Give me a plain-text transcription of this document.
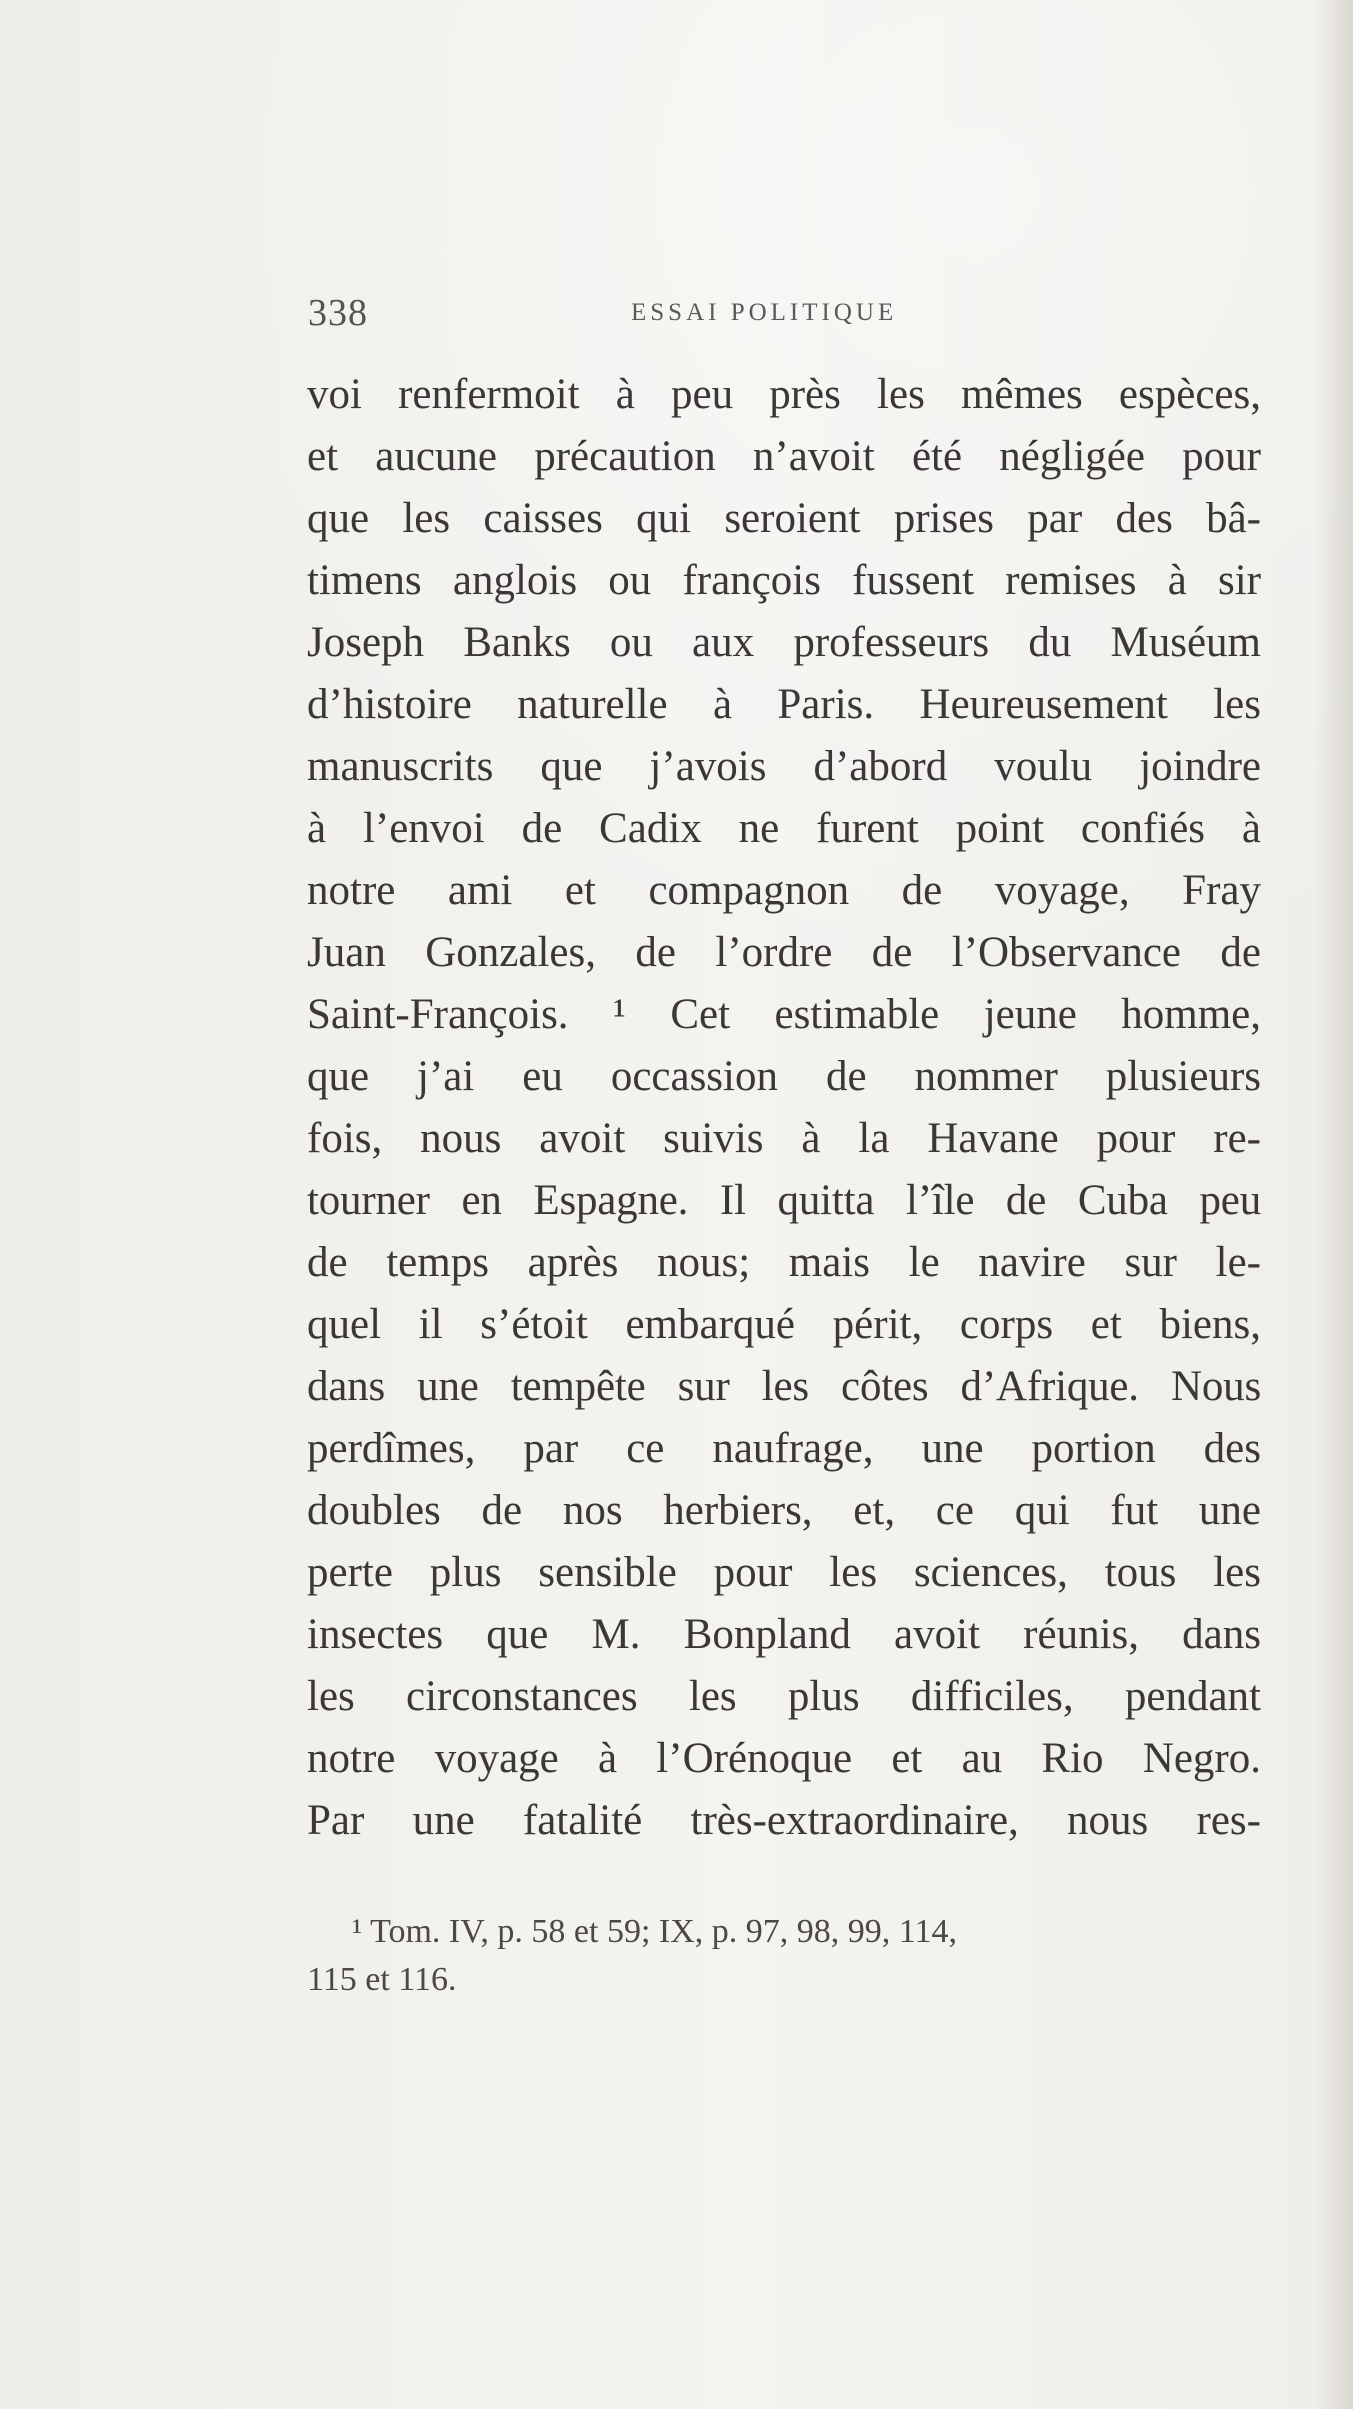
338	ESSAI POLITIQUE
voi renfermoit à peu près les mêmes espèces,
et aucune précaution n’avoit été négligée pour
que les caisses qui seroient prises par des bâ-
timens anglois ou françois fussent remises à sir
Joseph Banks ou aux professeurs du Muséum
d’histoire naturelle à Paris. Heureusement les
manuscrits que j’avois d’abord voulu joindre
à l’envoi de Cadix ne furent point confiés à
notre ami et compagnon de voyage, Fray
Juan Gonzales, de l’ordre de l’Observance de
Saint-François. ¹ Cet estimable jeune homme,
que j’ai eu occassion de nommer plusieurs
fois, nous avoit suivis à la Havane pour re-
tourner en Espagne. Il quitta l’île de Cuba peu
de temps après nous; mais le navire sur le-
quel il s’étoit embarqué périt, corps et biens,
dans une tempête sur les côtes d’Afrique. Nous
perdîmes, par ce naufrage, une portion des
doubles de nos herbiers, et, ce qui fut une
perte plus sensible pour les sciences, tous les
insectes que M. Bonpland avoit réunis, dans
les circonstances les plus difficiles, pendant
notre voyage à l’Orénoque et au Rio Negro.
Par une fatalité très-extraordinaire, nous res-
¹ Tom. IV, p. 58 et 59; IX, p. 97, 98, 99, 114,
115 et 116.
